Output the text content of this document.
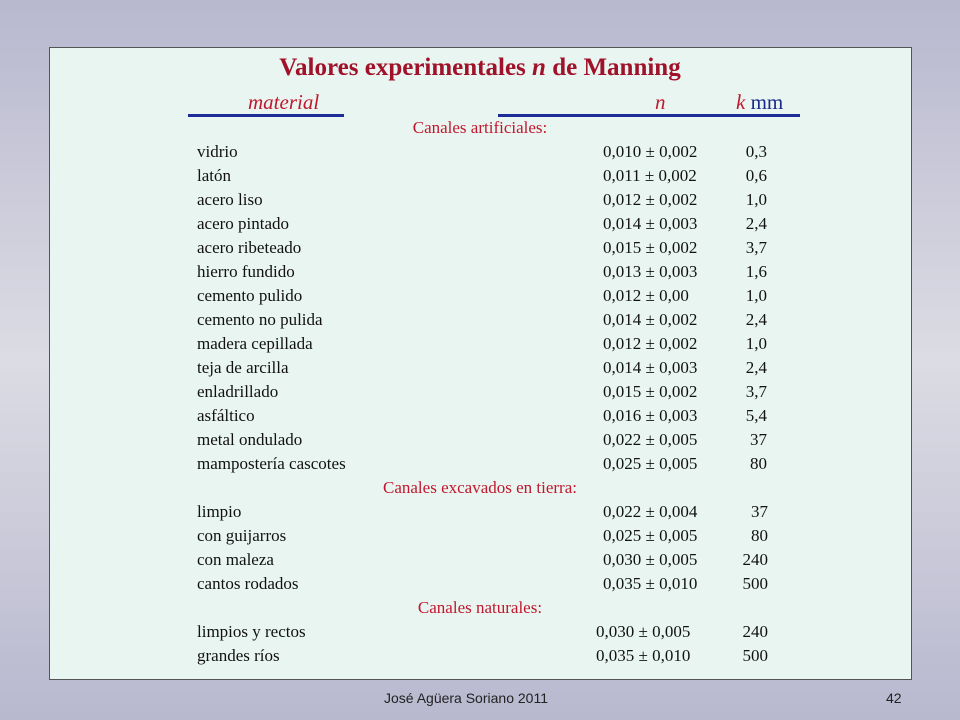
Valores experimentales n de Manning
material	n	k mm
Canales artificiales:
vidrio	0,010 ± 0,002	0,3
latón	0,011 ± 0,002	0,6
acero liso	0,012 ± 0,002	1,0
acero pintado	0,014 ± 0,003	2,4
acero ribeteado	0,015 ± 0,002	3,7
hierro fundido	0,013 ± 0,003	1,6
cemento pulido	0,012 ± 0,00	1,0
cemento no pulida	0,014 ± 0,002	2,4
madera cepillada	0,012 ± 0,002	1,0
teja de arcilla	0,014 ± 0,003	2,4
enladrillado	0,015 ± 0,002	3,7
asfáltico	0,016 ± 0,003	5,4
metal ondulado	0,022 ± 0,005	37
mampostería cascotes	0,025 ± 0,005	80
Canales excavados en tierra:
limpio	0,022 ± 0,004	37
con guijarros	0,025 ± 0,005	80
con maleza	0,030 ± 0,005	240
cantos rodados	0,035 ± 0,010	500
Canales naturales:
limpios y rectos	0,030 ± 0,005	240
grandes ríos	0,035 ± 0,010	500
José Agüera Soriano 2011	42
